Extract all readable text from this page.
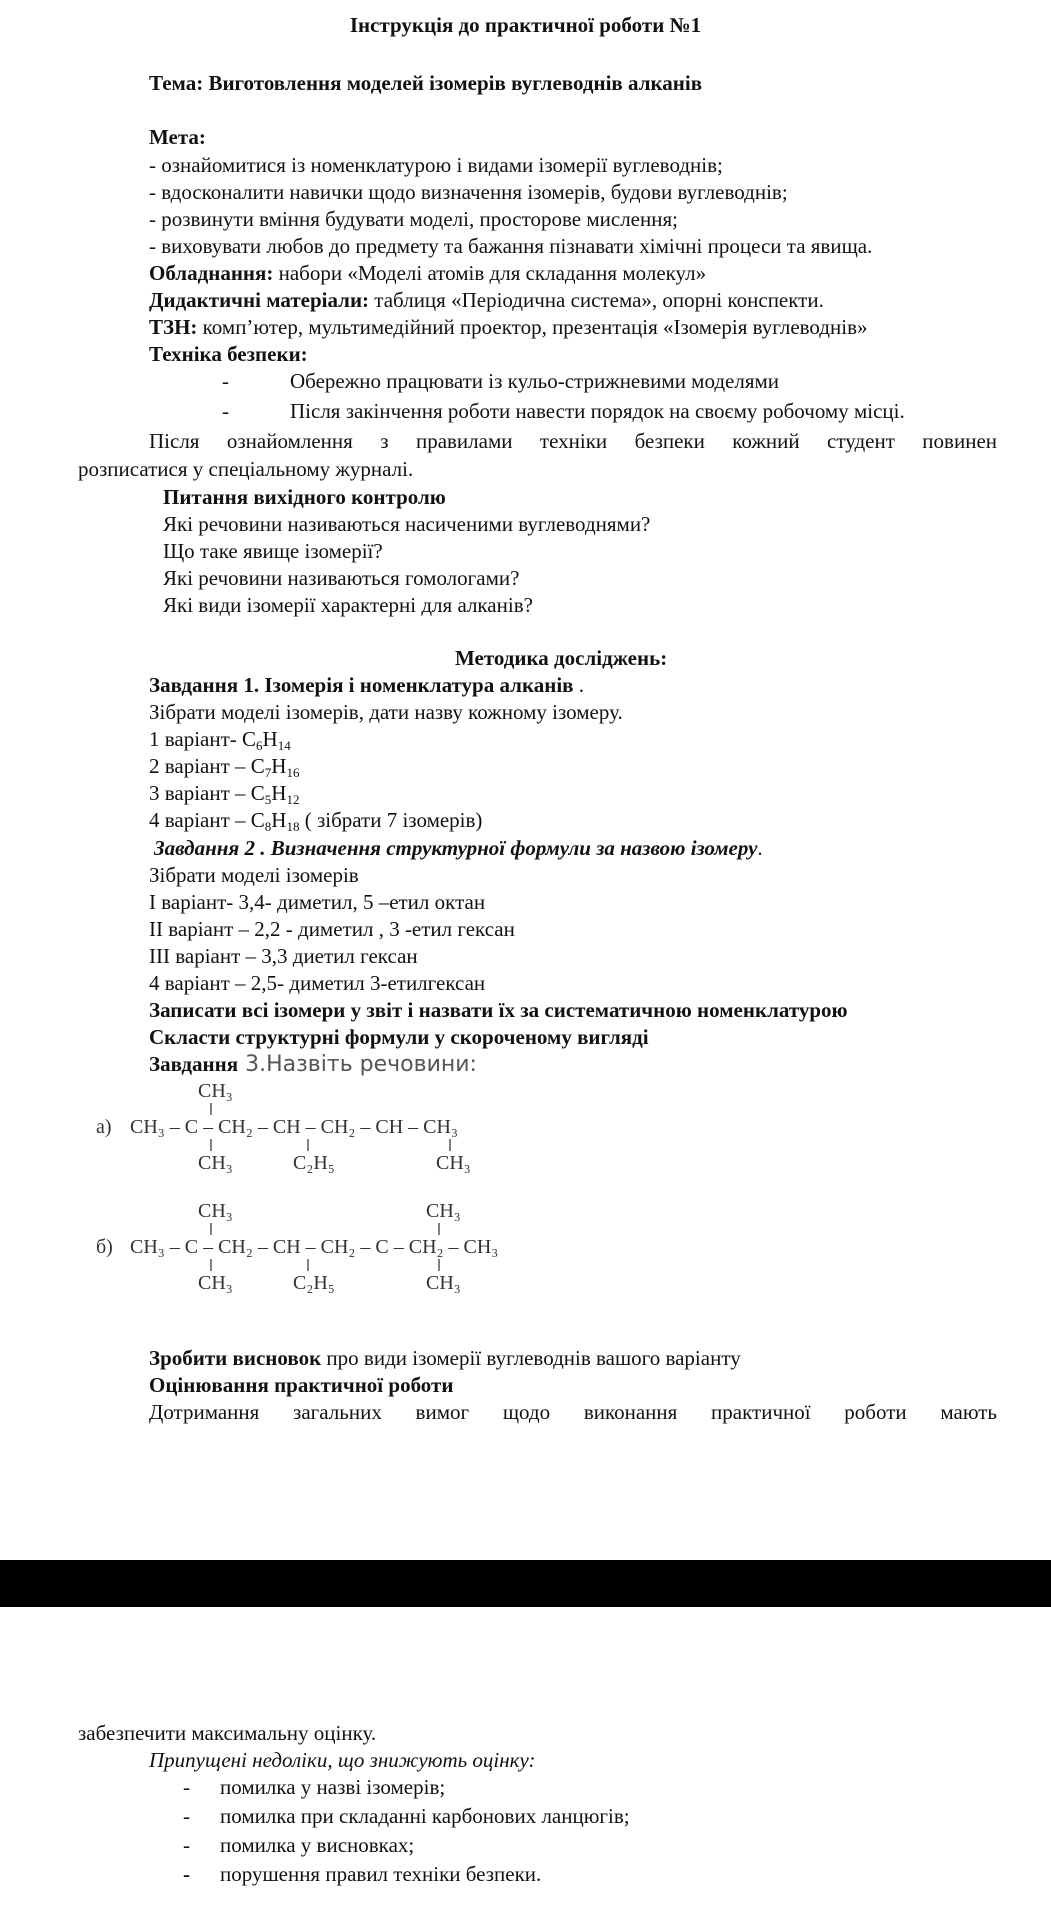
Інструкція до практичної роботи №1
Тема: Виготовлення моделей ізомерів вуглеводнів алканів
Мета:
- ознайомитися із номенклатурою і видами ізомерії вуглеводнів;
- вдосконалити навички щодо визначення ізомерів, будови вуглеводнів;
- розвинути вміння будувати моделі, просторове мислення;
- виховувати любов до предмету та бажання пізнавати хімічні процеси та явища.
Обладнання: набори «Моделі атомів для складання молекул»
Дидактичні матеріали: таблиця «Періодична система», опорні конспекти.
ТЗН: комп’ютер, мультимедійний проектор, презентація «Ізомерія вуглеводнів»
Техніка безпеки:
-	Обережно працювати із кульо-стрижневими моделями
-	Після закінчення роботи навести порядок на своєму робочому місці.
Після ознайомлення з правилами техніки безпеки кожний студент повинен
розписатися у спеціальному журналі.
Питання вихідного контролю
Які речовини називаються насиченими вуглеводнями?
Що таке явище ізомерії?
Які речовини називаються гомологами?
Які види ізомерії характерні для алканів?
Методика досліджень:
Завдання 1. Ізомерія і номенклатура алканів .
Зібрати моделі ізомерів, дати назву кожному ізомеру.
1 варіант- $C_6H_{14}$
2 варіант – $C_7H_{16}$
3 варіант – $C_5H_{12}$
4 варіант – $C_8H_{18}$ ( зібрати 7 ізомерів)
Завдання 2 . Визначення структурної формули за назвою ізомеру.
Зібрати моделі ізомерів
I варіант- 3,4- диметил, 5 –етил октан
II варіант – 2,2 - диметил , 3 -етил гексан
III варіант – 3,3 диетил гексан
4 варіант – 2,5- диметил 3-етилгексан
Записати всі ізомери у звіт і назвати їх за систематичною номенклатурою
Скласти структурні формули у скороченому вигляді
Завдання 3.Назвіть речовини:
а)
CH₃
CH₃ – C – CH₂ – CH – CH₂ – CH – CH₃
CH₃	C₂H₅	CH₃
б)
CH₃	CH₃
CH₃ – C – CH₂ – CH – CH₂ – C – CH₂ – CH₃
CH₃	C₂H₅	CH₃
Зробити висновок про види ізомерії вуглеводнів вашого варіанту
Оцінювання практичної роботи
Дотримання загальних вимог щодо виконання практичної роботи мають
забезпечити максимальну оцінку.
Припущені недоліки, що знижують оцінку:
- помилка у назві ізомерів;
- помилка при складанні карбонових ланцюгів;
- помилка у висновках;
- порушення правил техніки безпеки.
